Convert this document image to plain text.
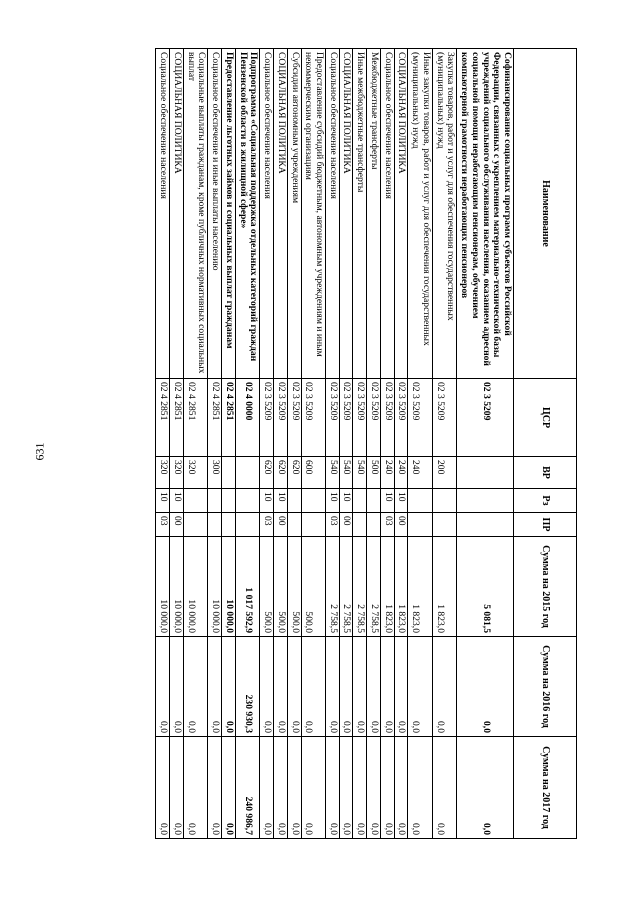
631
Наименование	ЦСР	ВР	Рз	ПР	Сумма на 2015 год	Сумма на 2016 год	Сумма на 2017 год
Софинансирование социальных программ субъектов Российской Федерации, связанных с укреплением материально-технической базы учреждений социального обслуживания населения, оказанием адресной социальной помощи неработающим пенсионерам, обучением компьютерной грамотности неработающих пенсионеров	02 3 5209				5 081,5	0,0	0,0
Закупка товаров, работ и услуг для обеспечения государственных (муниципальных) нужд	02 3 5209	200			1 823,0	0,0	0,0
Иные закупки товаров, работ и услуг для обеспечения государственных (муниципальных) нужд	02 3 5209	240			1 823,0	0,0	0,0
СОЦИАЛЬНАЯ ПОЛИТИКА	02 3 5209	240	10	00	1 823,0	0,0	0,0
Социальное обеспечение населения	02 3 5209	240	10	03	1 823,0	0,0	0,0
Межбюджетные трансферты	02 3 5209	500			2 758,5	0,0	0,0
Иные межбюджетные трансферты	02 3 5209	540			2 758,5	0,0	0,0
СОЦИАЛЬНАЯ ПОЛИТИКА	02 3 5209	540	10	00	2 758,5	0,0	0,0
Социальное обеспечение населения	02 3 5209	540	10	03	2 758,5	0,0	0,0
Предоставление субсидий бюджетным, автономным учреждениям и иным некоммерческим организациям	02 3 5209	600			500,0	0,0	0,0
Субсидии автономным учреждениям	02 3 5209	620			500,0	0,0	0,0
СОЦИАЛЬНАЯ ПОЛИТИКА	02 3 5209	620	10	00	500,0	0,0	0,0
Социальное обеспечение населения	02 3 5209	620	10	03	500,0	0,0	0,0
Подпрограмма «Социальная поддержка отдельных категорий граждан Пензенской области в жилищной сфере»	02 4 0000				1 017 592,9	230 930,3	240 986,7
Предоставление льготных займов и социальных выплат гражданам	02 4 2851				10 000,0	0,0	0,0
Социальное обеспечение и иные выплаты населению	02 4 2851	300			10 000,0	0,0	0,0
Социальные выплаты гражданам, кроме публичных нормативных социальных выплат	02 4 2851	320			10 000,0	0,0	0,0
СОЦИАЛЬНАЯ ПОЛИТИКА	02 4 2851	320	10	00	10 000,0	0,0	0,0
Социальное обеспечение населения	02 4 2851	320	10	03	10 000,0	0,0	0,0
